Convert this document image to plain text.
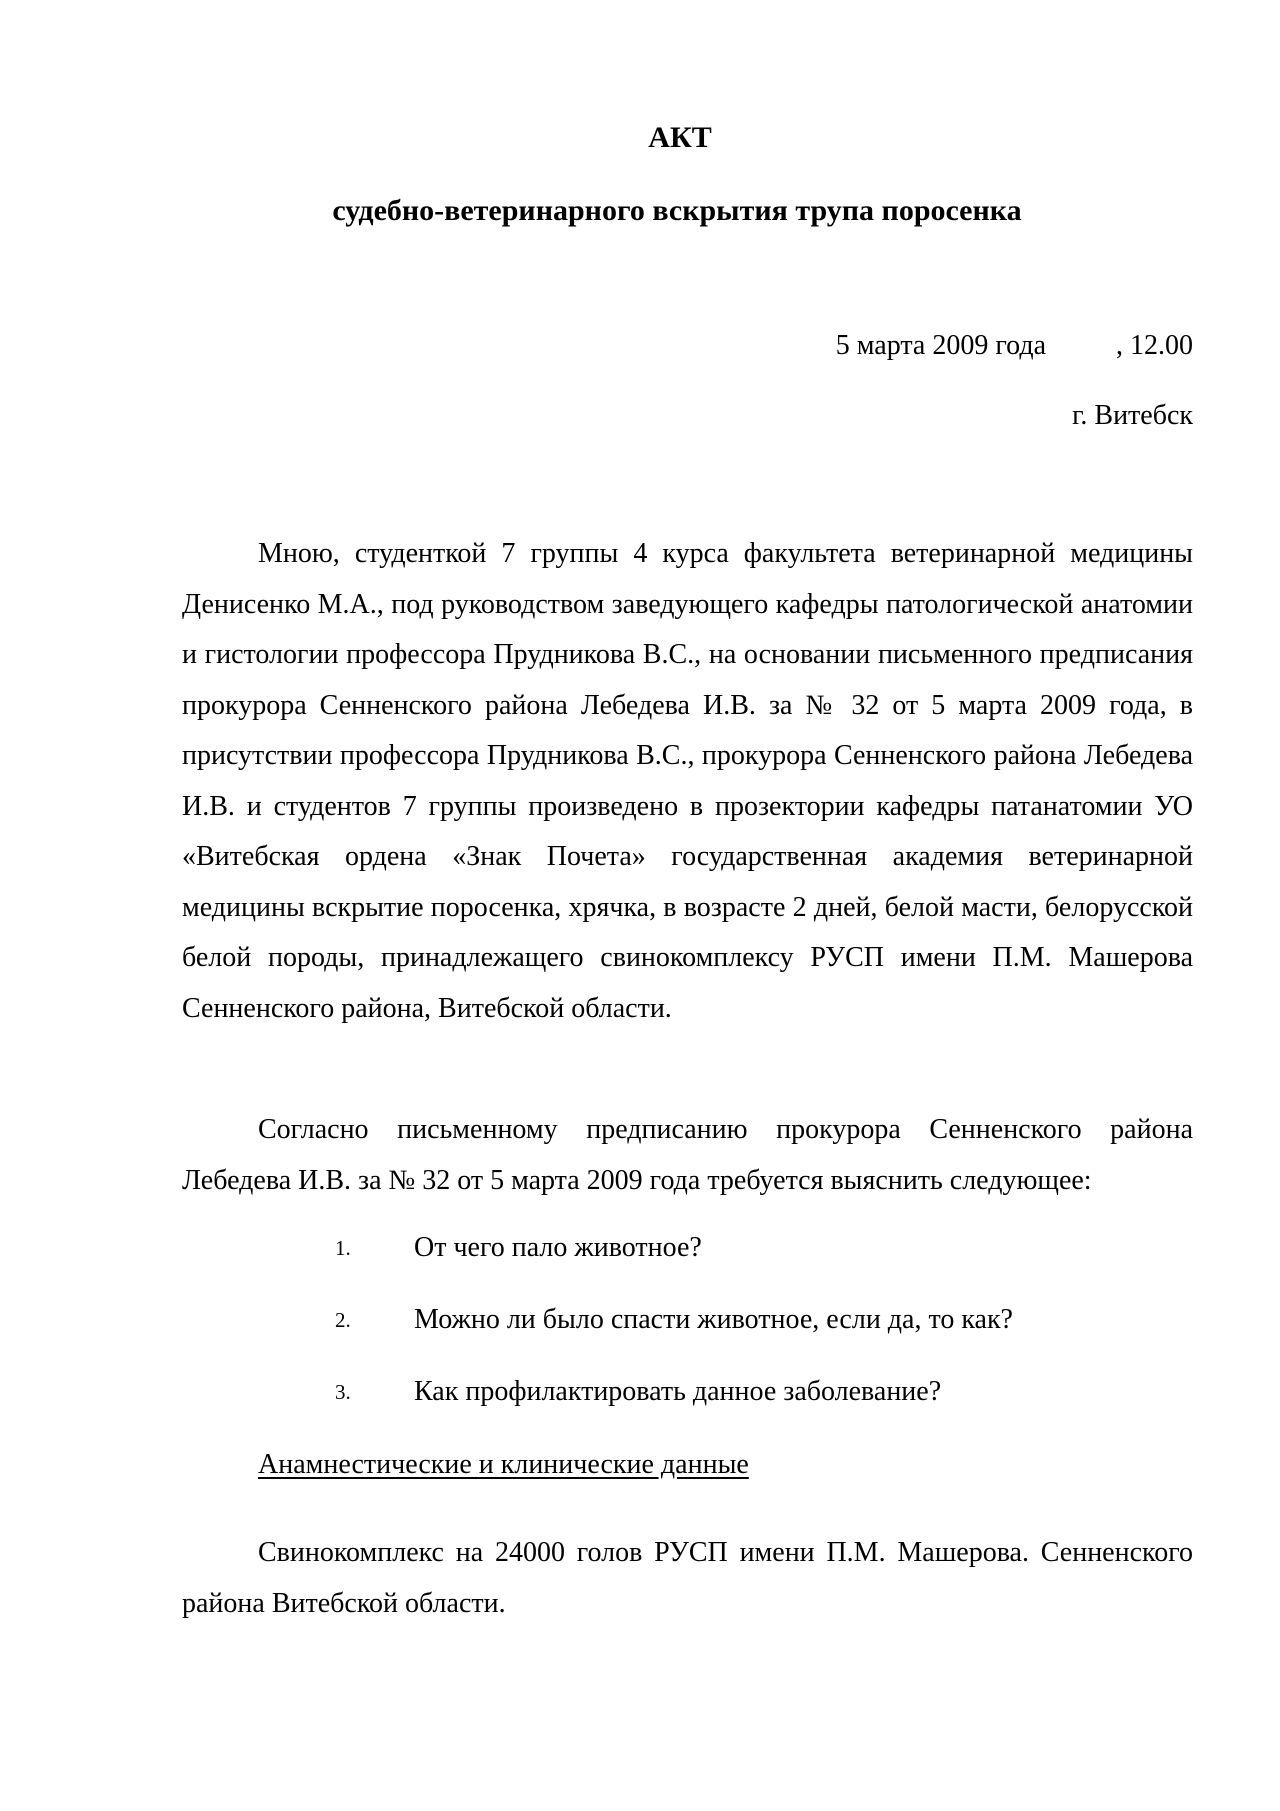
АКТ
судебно-ветеринарного вскрытия трупа поросенка
5 марта 2009 года          , 12.00
г. Витебск

Мною, студенткой 7 группы 4 курса факультета ветеринарной медицины Денисенко М.А., под руководством заведующего кафедры патологической анатомии и гистологии профессора Прудникова В.С., на основании письменного предписания прокурора Сенненского района Лебедева И.В. за № 32 от 5 марта 2009 года, в присутствии профессора Прудникова В.С., прокурора Сенненского района Лебедева И.В. и студентов 7 группы произведено в прозектории кафедры патанатомии УО «Витебская ордена «Знак Почета» государственная академия ветеринарной медицины вскрытие поросенка, хрячка, в возрасте 2 дней, белой масти, белорусской белой породы, принадлежащего свинокомплексу РУСП имени П.М. Машерова Сенненского района, Витебской области.

Согласно письменному предписанию прокурора Сенненского района Лебедева И.В. за № 32 от 5 марта 2009 года требуется выяснить следующее:

1. От чего пало животное?
2. Можно ли было спасти животное, если да, то как?
3. Как профилактировать данное заболевание?
Анамнестические и клинические данные

Свинокомплекс на 24000 голов РУСП имени П.М. Машерова. Сенненского района Витебской области.
